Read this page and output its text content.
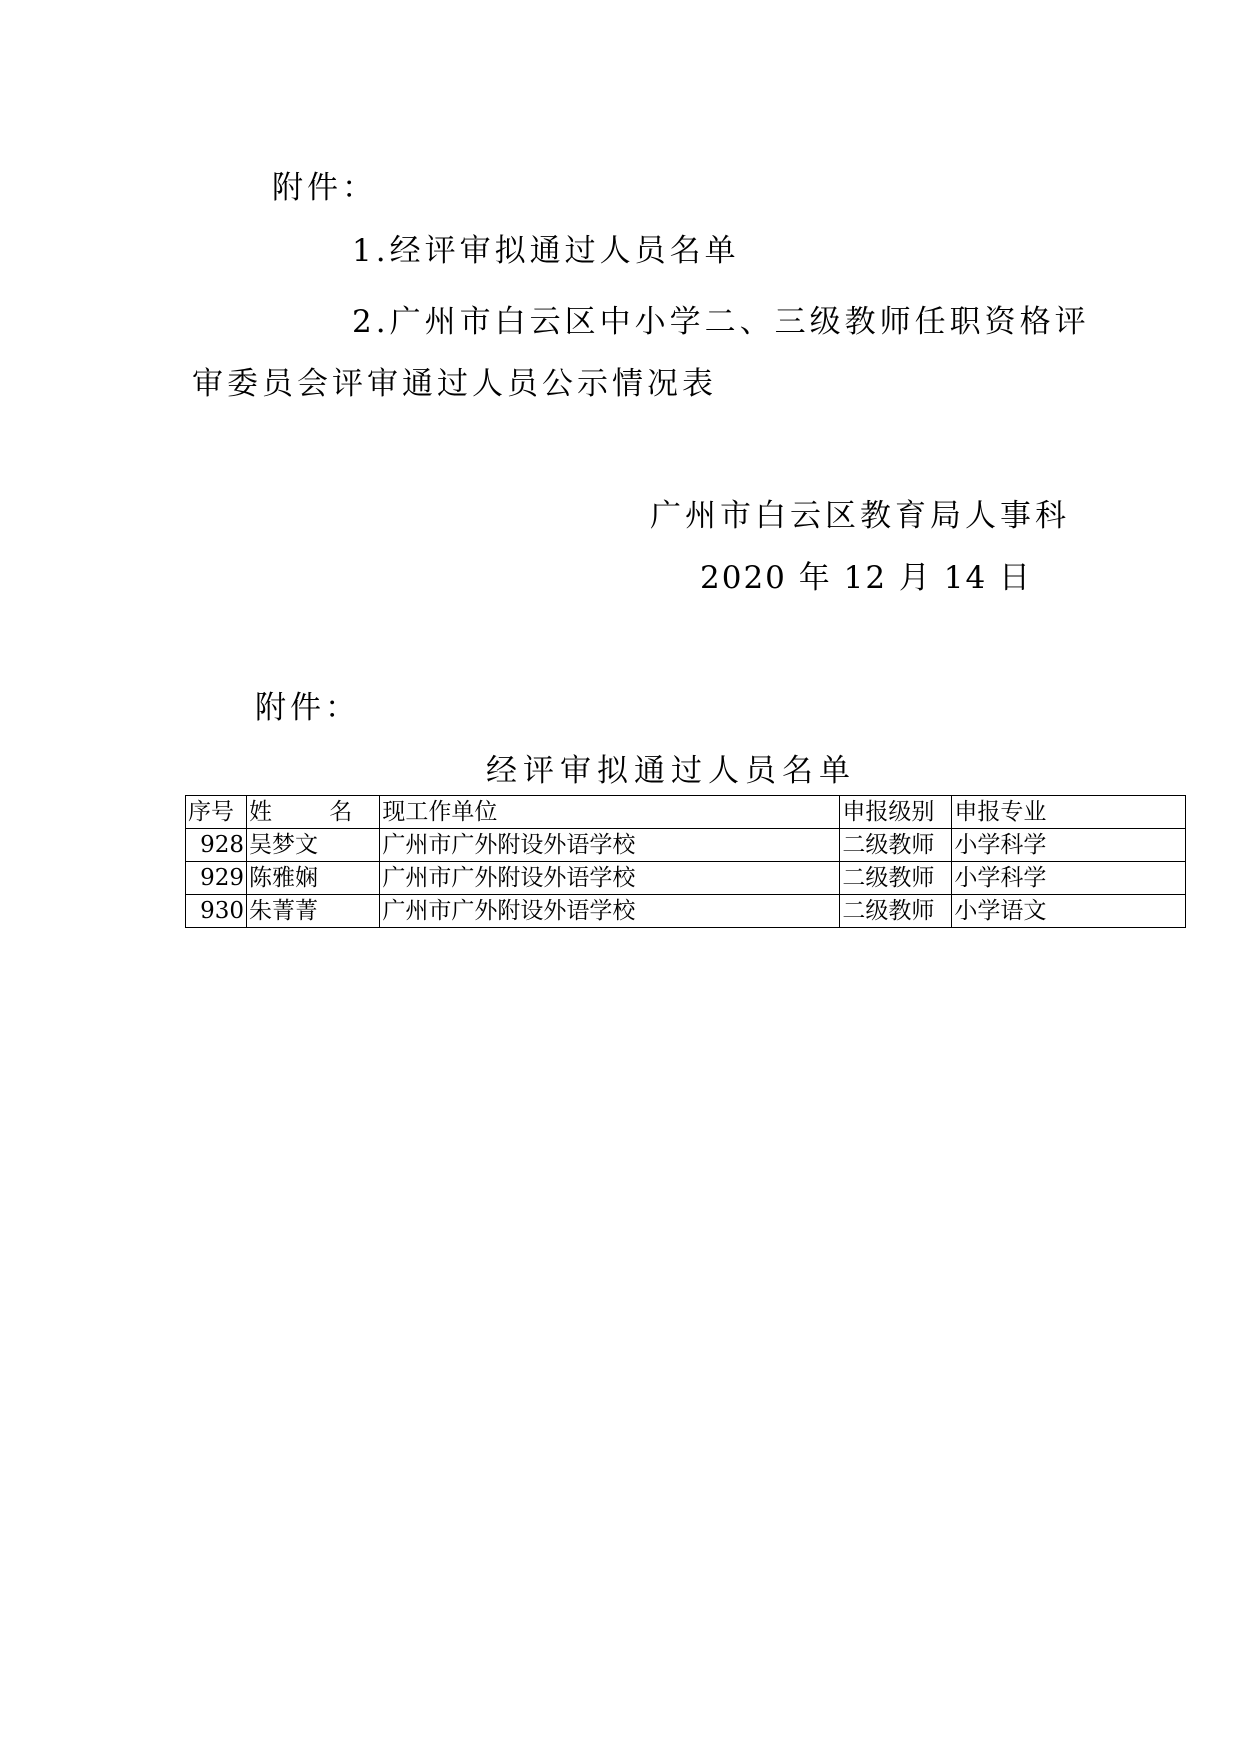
附件：
1.经评审拟通过人员名单
2.广州市白云区中小学二、三级教师任职资格评
审委员会评审通过人员公示情况表
广州市白云区教育局人事科
2020 年 12 月 14 日
附件：
经评审拟通过人员名单
序号	姓 名	现工作单位	申报级别	申报专业
928	吴梦文	广州市广外附设外语学校	二级教师	小学科学
929	陈雅娴	广州市广外附设外语学校	二级教师	小学科学
930	朱菁菁	广州市广外附设外语学校	二级教师	小学语文
